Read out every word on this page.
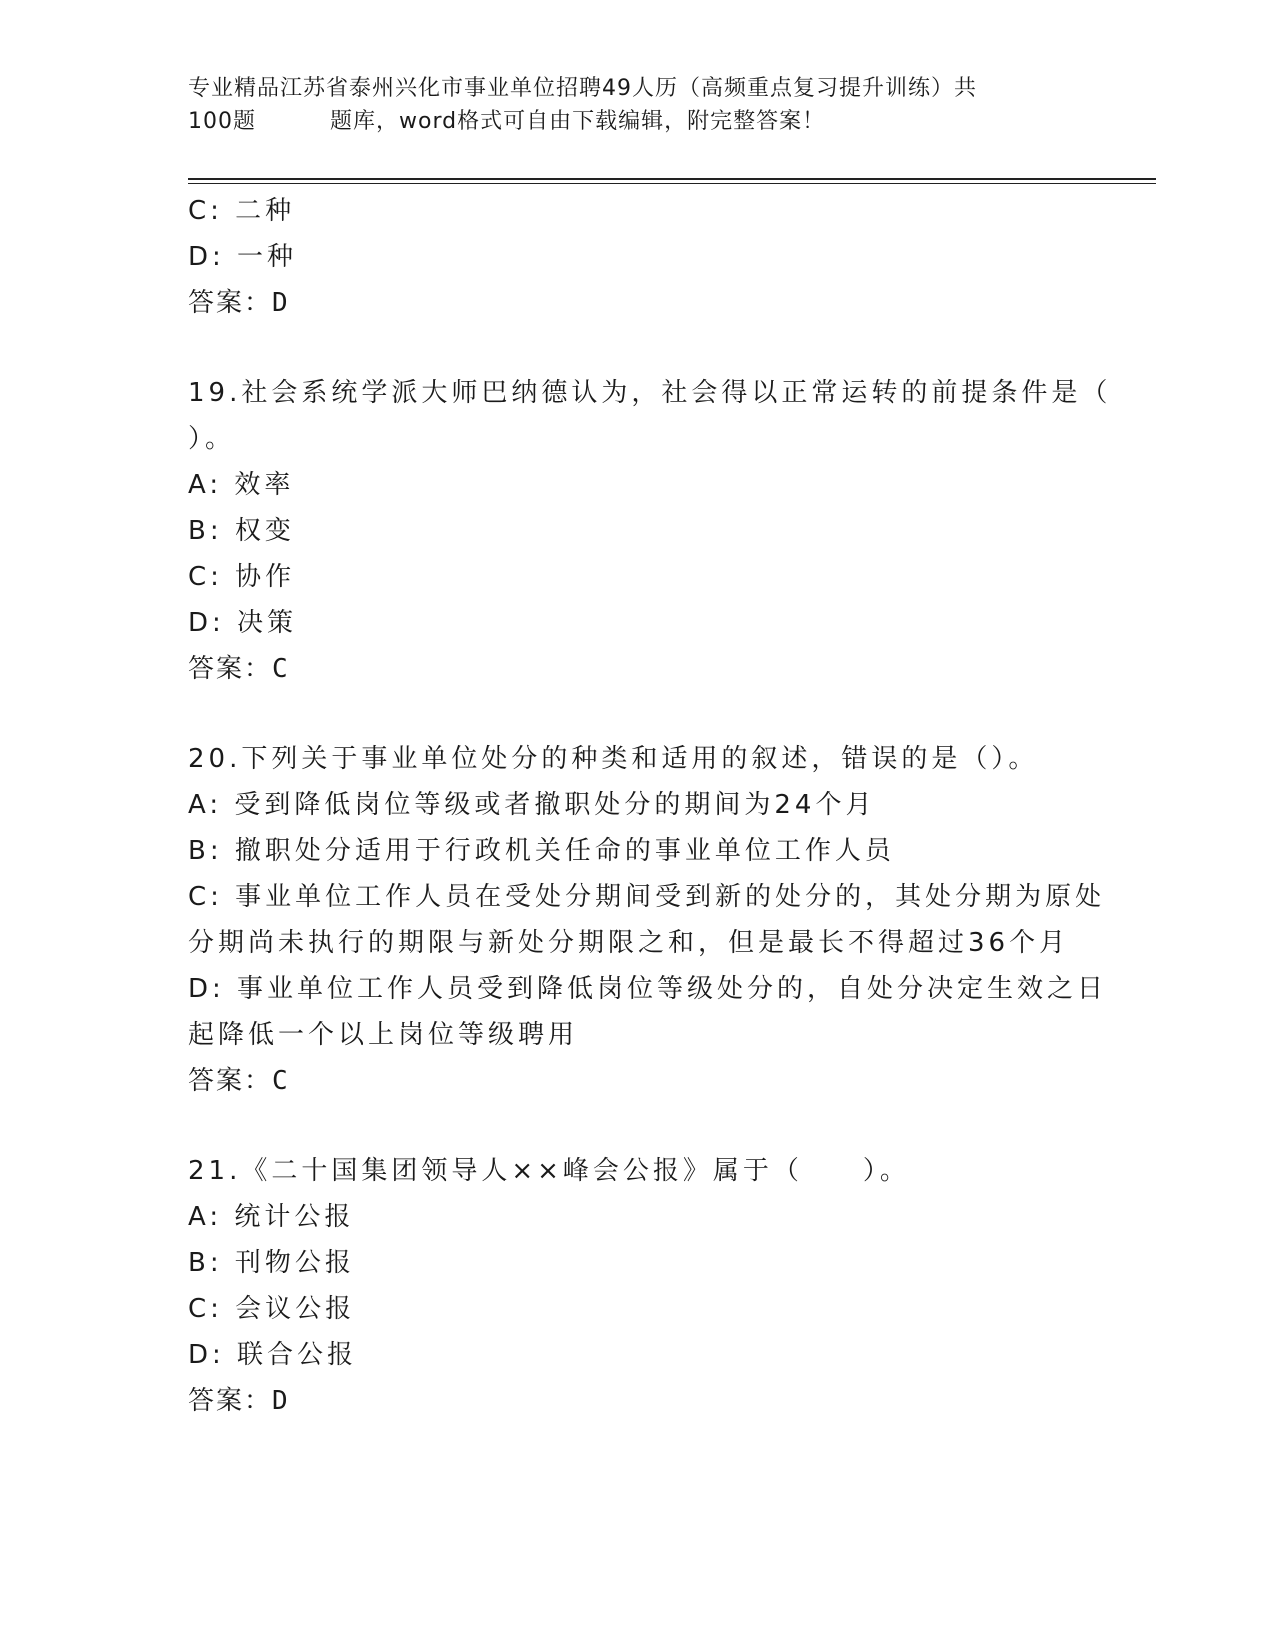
专业精品江苏省泰州兴化市事业单位招聘49人历（高频重点复习提升训练）共
100题	题库，word格式可自由下载编辑，附完整答案！
C: 二种
D: 一种
答案：D
19.社会系统学派大师巴纳德认为，社会得以正常运转的前提条件是（
）。
A: 效率
B: 权变
C: 协作
D: 决策
答案：C
20.下列关于事业单位处分的种类和适用的叙述，错误的是（）。
A: 受到降低岗位等级或者撤职处分的期间为24个月
B: 撤职处分适用于行政机关任命的事业单位工作人员
C: 事业单位工作人员在受处分期间受到新的处分的，其处分期为原处
分期尚未执行的期限与新处分期限之和，但是最长不得超过36个月
D: 事业单位工作人员受到降低岗位等级处分的，自处分决定生效之日
起降低一个以上岗位等级聘用
答案：C
21.《二十国集团领导人××峰会公报》属于（　　）。
A: 统计公报
B: 刊物公报
C: 会议公报
D: 联合公报
答案：D
